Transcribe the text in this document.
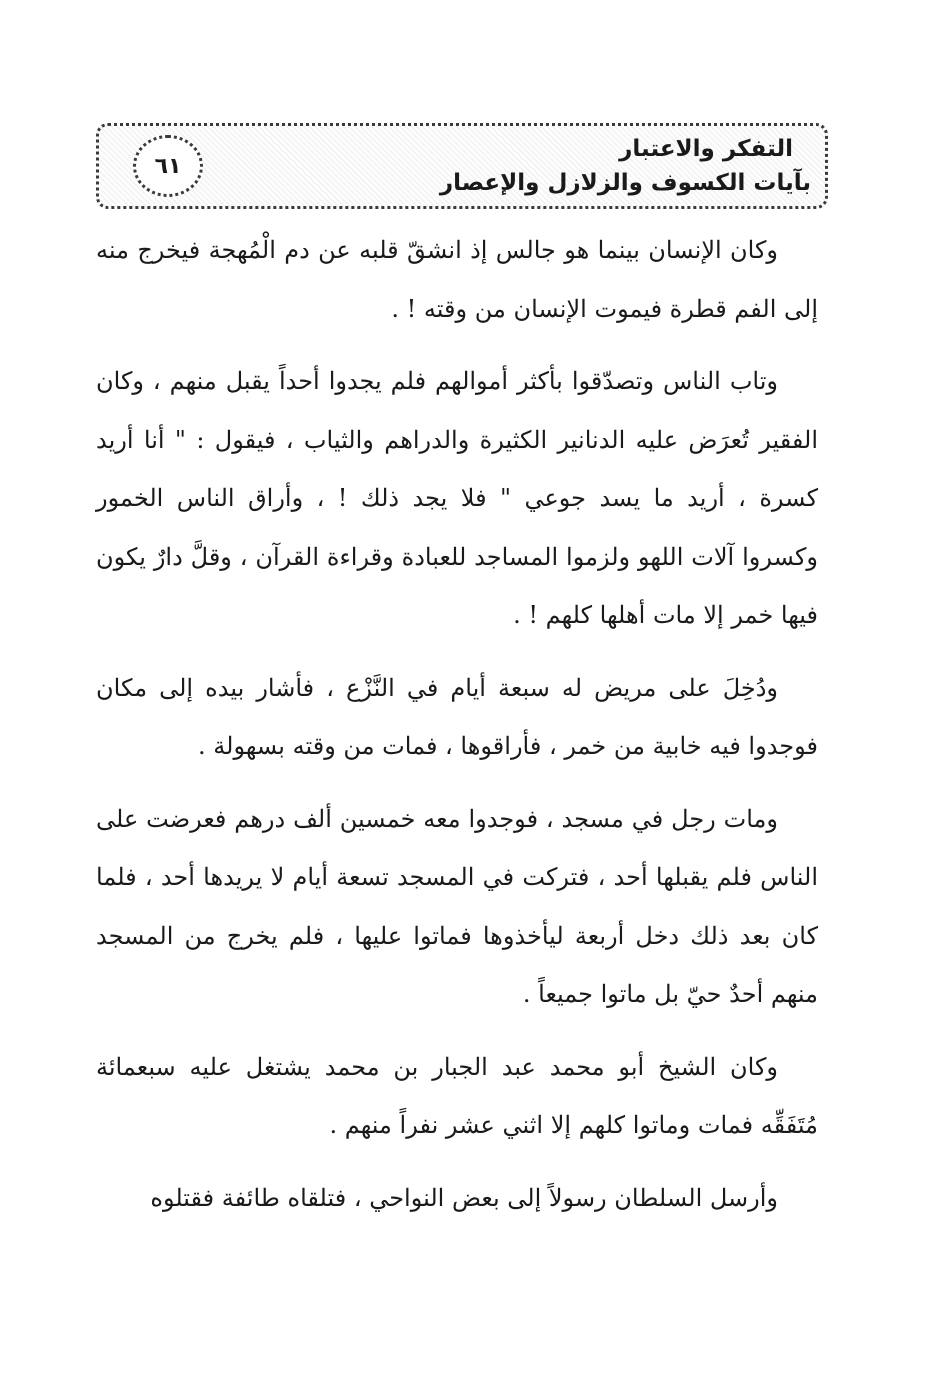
التفكر والاعتبار
بآيات الكسوف والزلازل والإعصار
٦١

وكان الإنسان بينما هو جالس إذ انشقّ قلبه عن دم الْمُهجة فيخرج منه إلى الفم قطرة فيموت الإنسان من وقته ! .

وتاب الناس وتصدّقوا بأكثر أموالهم فلم يجدوا أحداً يقبل منهم ، وكان الفقير تُعرَض عليه الدنانير الكثيرة والدراهم والثياب ، فيقول : " أنا أريد كسرة ، أريد ما يسد جوعي " فلا يجد ذلك ! ، وأراق الناس الخمور وكسروا آلات اللهو ولزموا المساجد للعبادة وقراءة القرآن ، وقلَّ دارٌ يكون فيها خمر إلا مات أهلها كلهم ! .

ودُخِلَ على مريض له سبعة أيام في النَّزْع ، فأشار بيده إلى مكان فوجدوا فيه خابية من خمر ، فأراقوها ، فمات من وقته بسهولة .

ومات رجل في مسجد ، فوجدوا معه خمسين ألف درهم فعرضت على الناس فلم يقبلها أحد ، فتركت في المسجد تسعة أيام لا يريدها أحد ، فلما كان بعد ذلك دخل أربعة ليأخذوها فماتوا عليها ، فلم يخرج من المسجد منهم أحدٌ حيّ بل ماتوا جميعاً .

وكان الشيخ أبو محمد عبد الجبار بن محمد يشتغل عليه سبعمائة مُتَفَقِّه فمات وماتوا كلهم إلا اثني عشر نفراً منهم .

وأرسل السلطان رسولاً إلى بعض النواحي ، فتلقاه طائفة فقتلوه
